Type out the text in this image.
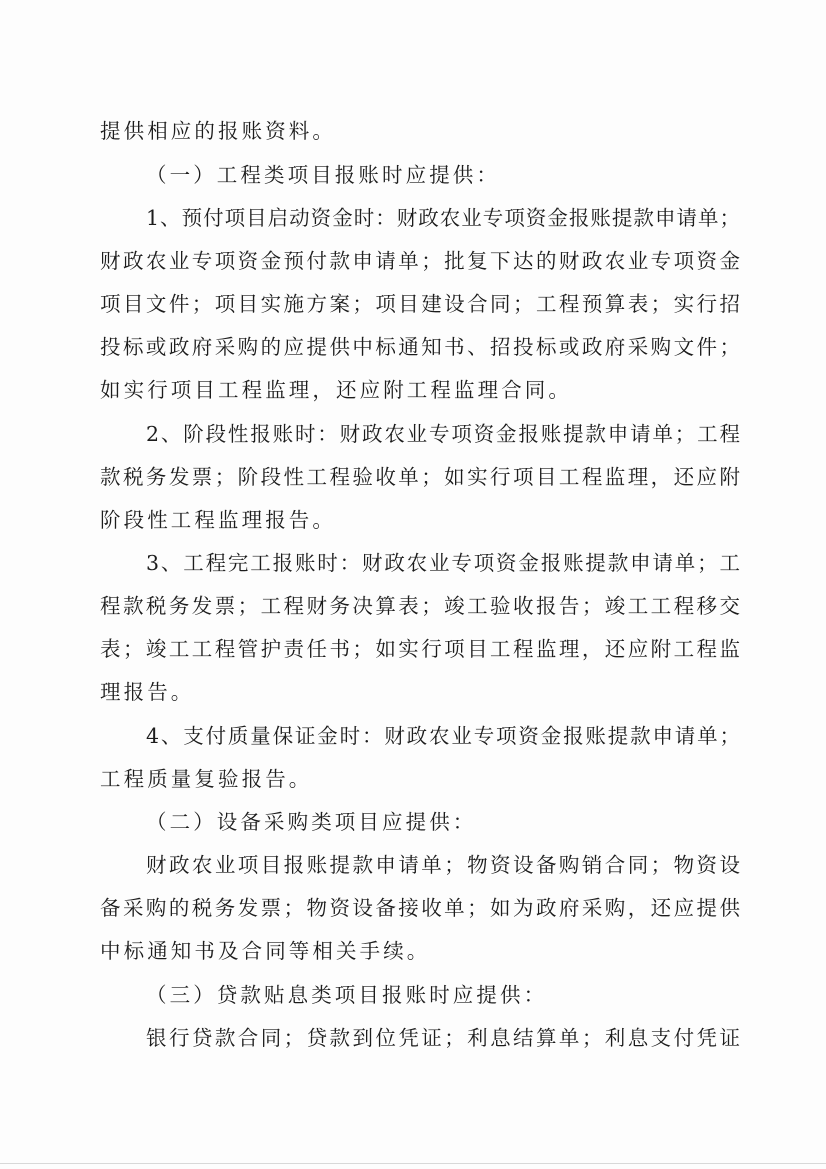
提供相应的报账资料。

（一）工程类项目报账时应提供：

1、预付项目启动资金时：财政农业专项资金报账提款申请单；

财政农业专项资金预付款申请单；批复下达的财政农业专项资金

项目文件；项目实施方案；项目建设合同；工程预算表；实行招

投标或政府采购的应提供中标通知书、招投标或政府采购文件；

如实行项目工程监理，还应附工程监理合同。

2、阶段性报账时：财政农业专项资金报账提款申请单；工程

款税务发票；阶段性工程验收单；如实行项目工程监理，还应附

阶段性工程监理报告。

3、工程完工报账时：财政农业专项资金报账提款申请单；工

程款税务发票；工程财务决算表；竣工验收报告；竣工工程移交

表；竣工工程管护责任书；如实行项目工程监理，还应附工程监

理报告。

4、支付质量保证金时：财政农业专项资金报账提款申请单；

工程质量复验报告。

（二）设备采购类项目应提供：

财政农业项目报账提款申请单；物资设备购销合同；物资设

备采购的税务发票；物资设备接收单；如为政府采购，还应提供

中标通知书及合同等相关手续。

（三）贷款贴息类项目报账时应提供：

银行贷款合同；贷款到位凭证；利息结算单；利息支付凭证
